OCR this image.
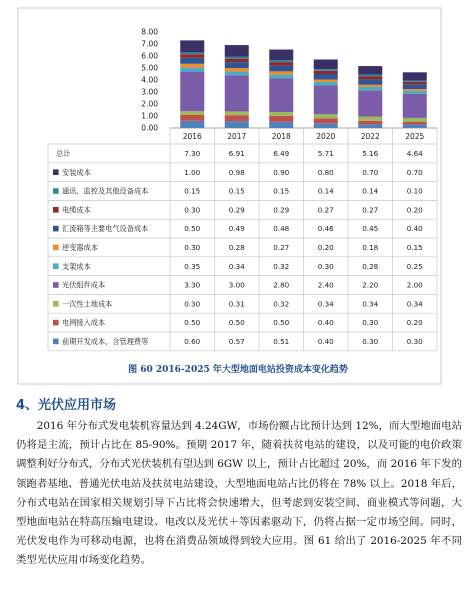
0.00
1.00
2.00
3.00
4.00
5.00
6.00
7.00
8.00
2016	2017	2018	2020	2022	2025
总计	7.30	6.91	6.49	5.71	5.16	4.64
安装成本	1.00	0.98	0.90	0.80	0.70	0.70
通讯、监控及其他设备成本	0.15	0.15	0.15	0.14	0.14	0.10
电缆成本	0.30	0.29	0.29	0.27	0.27	0.20
汇流箱等主要电气设备成本	0.50	0.49	0.48	0.46	0.45	0.40
逆变器成本	0.30	0.28	0.27	0.20	0.18	0.15
支架成本	0.35	0.34	0.32	0.30	0.28	0.25
光伏组件成本	3.30	3.00	2.80	2.40	2.20	2.00
一次性土地成本	0.30	0.31	0.32	0.34	0.34	0.34
电网接入成本	0.50	0.50	0.50	0.40	0.30	0.20
前期开发成本，含管理费等	0.60	0.57	0.51	0.40	0.30	0.30
图 60 2016-2025 年大型地面电站投资成本变化趋势
4、光伏应用市场

2016 年分布式发电装机容量达到 4.24GW，市场份额占比预计达到 12%，而大型地面电站仍将是主流，预计占比在 85-90%。预期 2017 年，随着扶贫电站的建设，以及可能的电价政策调整利好分布式，分布式光伏装机有望达到 6GW 以上，预计占比超过 20%，而 2016 年下发的领跑者基地、普通光伏电站及扶贫电站建设，大型地面电站占比仍将在 78% 以上。2018 年后，分布式电站在国家相关规划引导下占比将会快速增大，但考虑到安装空间、商业模式等问题，大型地面电站在特高压输电建设、电改以及光伏＋等因素驱动下，仍将占据一定市场空间。同时，光伏发电作为可移动电源，也将在消费品领域得到较大应用。图 61 给出了 2016-2025 年不同类型光伏应用市场变化趋势。
